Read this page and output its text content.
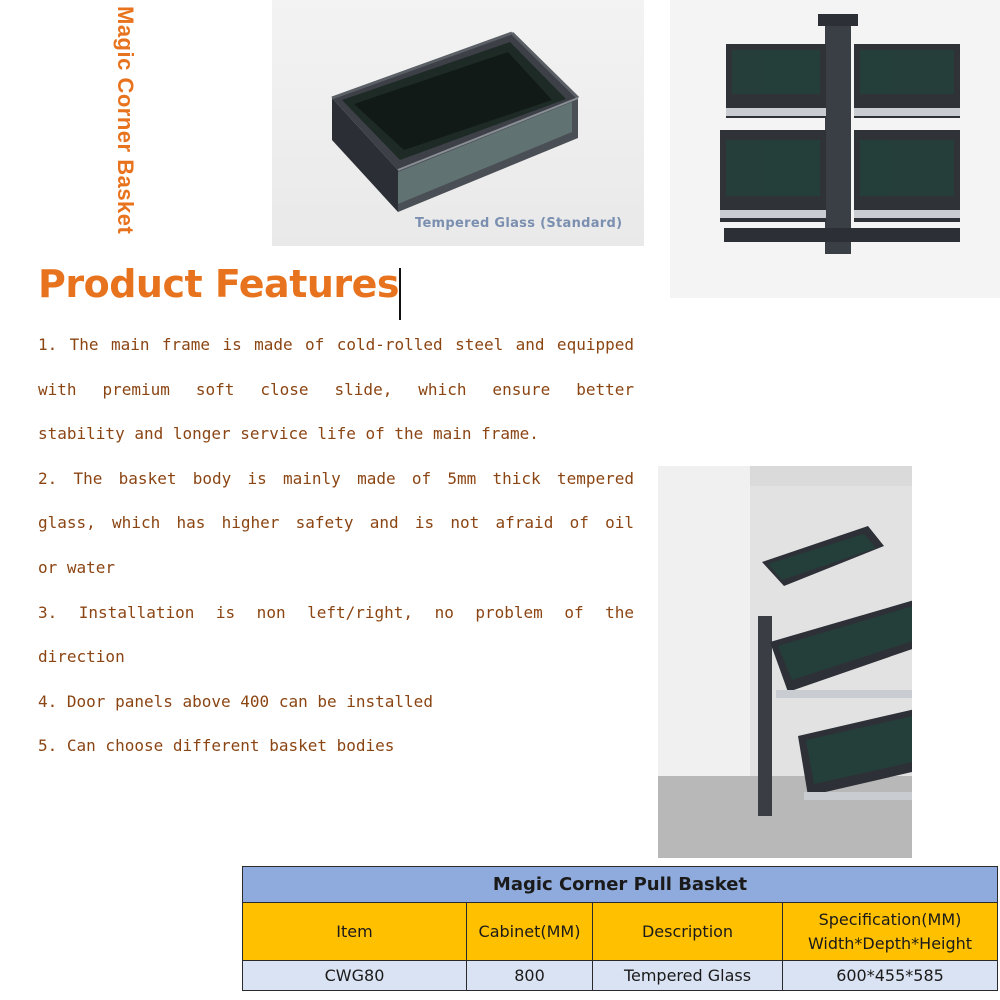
Magic Corner Basket	Tempered Glass (Standard)
Product Features
1. The main frame is made of cold-rolled steel and equipped
with premium soft close slide, which ensure better
stability and longer service life of the main frame.
2. The basket body is mainly made of 5mm thick tempered
glass, which has higher safety and is not afraid of oil
or water
3. Installation is non left/right, no problem of the
direction
4. Door panels above 400 can be installed
5. Can choose different basket bodies
Magic Corner Pull Basket			
Item	Cabinet(MM)	Description	Specification(MM)
Width*Depth*Height

CWG80	800	Tempered Glass	600*455*585
